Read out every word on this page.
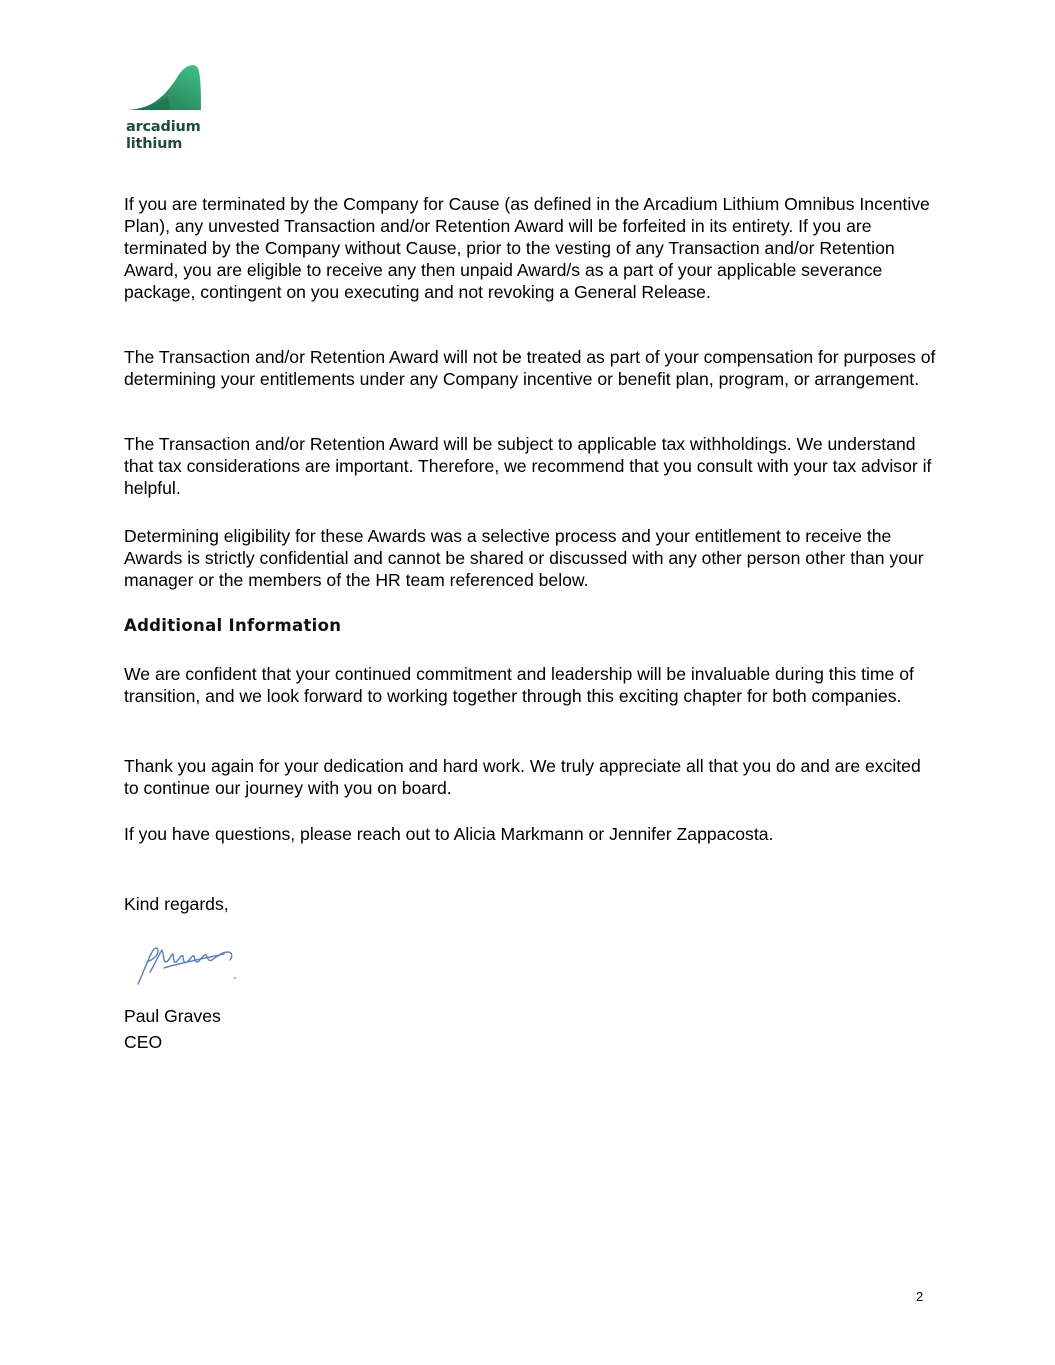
arcadium
lithium

If you are terminated by the Company for Cause (as defined in the Arcadium Lithium Omnibus Incentive Plan), any unvested Transaction and/or Retention Award will be forfeited in its entirety. If you are terminated by the Company without Cause, prior to the vesting of any Transaction and/or Retention Award, you are eligible to receive any then unpaid Award/s as a part of your applicable severance package, contingent on you executing and not revoking a General Release.

The Transaction and/or Retention Award will not be treated as part of your compensation for purposes of determining your entitlements under any Company incentive or benefit plan, program, or arrangement.

The Transaction and/or Retention Award will be subject to applicable tax withholdings. We understand that tax considerations are important. Therefore, we recommend that you consult with your tax advisor if helpful.

Determining eligibility for these Awards was a selective process and your entitlement to receive the Awards is strictly confidential and cannot be shared or discussed with any other person other than your manager or the members of the HR team referenced below.

Additional Information

We are confident that your continued commitment and leadership will be invaluable during this time of transition, and we look forward to working together through this exciting chapter for both companies.

Thank you again for your dedication and hard work. We truly appreciate all that you do and are excited to continue our journey with you on board.

If you have questions, please reach out to Alicia Markmann or Jennifer Zappacosta.

Kind regards,

Paul Graves

CEO

2
